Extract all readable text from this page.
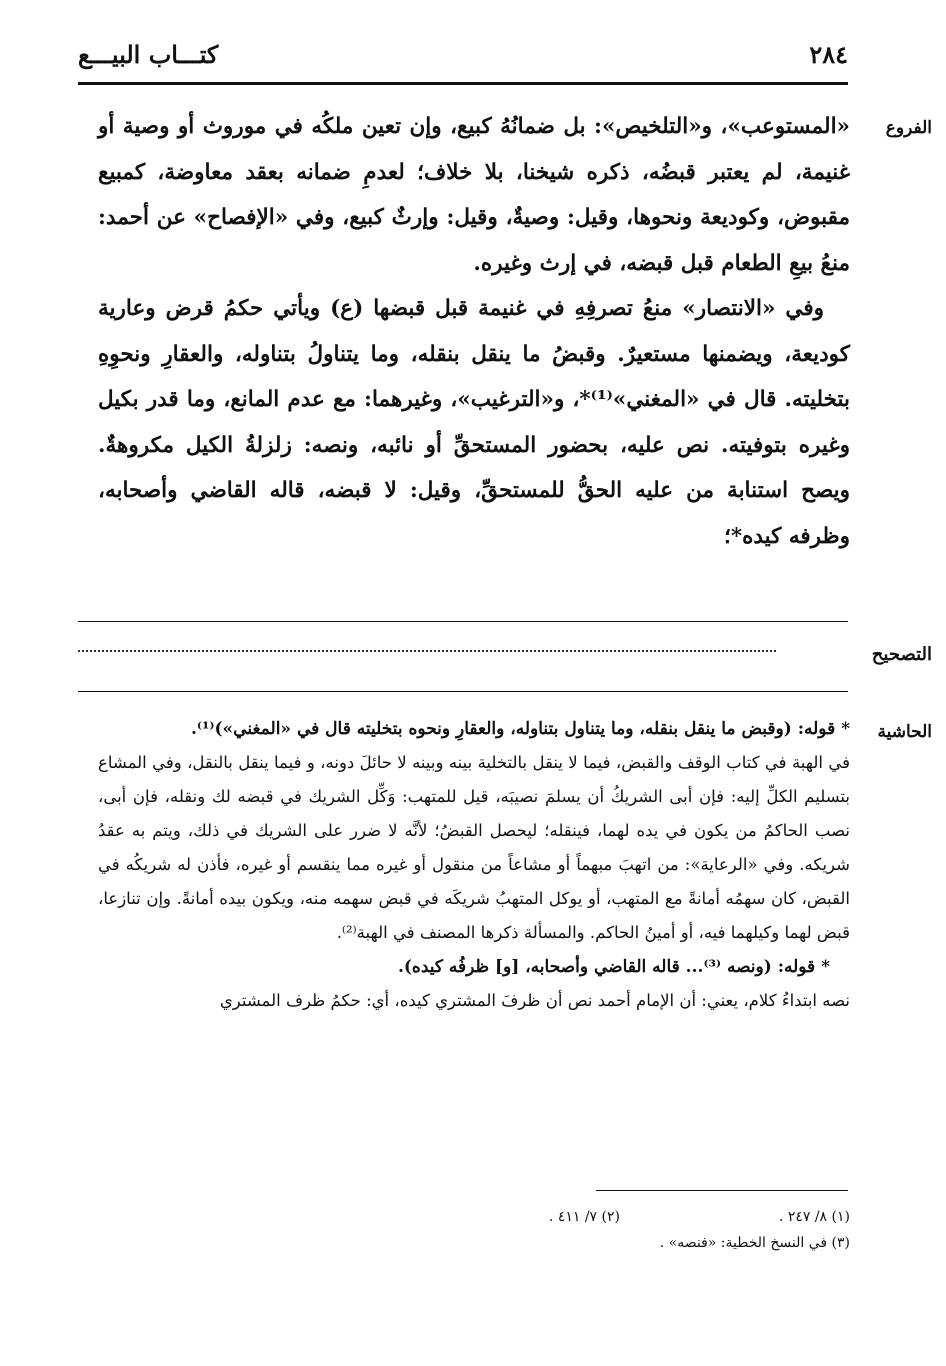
٢٨٤
كتـــاب البيـــع
الفروع

«المستوعب»، و«التلخيص»: بل ضمانُهُ كبيع، وإن تعين ملكُه في موروث أو وصية أو غنيمة، لم يعتبر قبضُه، ذكره شيخنا، بلا خلاف؛ لعدمِ ضمانه بعقد معاوضة، كمبيع مقبوض، وكوديعة ونحوها، وقيل: وصيةٌ، وقيل: وإرثٌ كبيع، وفي «الإفصاح» عن أحمد: منعُ بيعِ الطعام قبل قبضه، في إرث وغيره.

وفي «الانتصار» منعُ تصرفِهِ في غنيمة قبل قبضها (ع) ويأتي حكمُ قرض وعارية كوديعة، ويضمنها مستعيرٌ. وقبضُ ما ينقل بنقله، وما يتناولُ بتناوله، والعقارِ ونحوِهِ بتخليته. قال في «المغني»⁽¹⁾*، و«الترغيب»، وغيرهما: مع عدم المانع، وما قدر بكيل وغيره بتوفيته. نص عليه، بحضور المستحقِّ أو نائبه، ونصه: زلزلةُ الكيل مكروهةٌ. ويصح استنابة من عليه الحقُّ للمستحقِّ، وقيل: لا قبضه، قاله القاضي وأصحابه، وظرفه كيده*؛

التصحيح
الحاشية

* قوله: (وقبض ما ينقل بنقله، وما يتناول بتناوله، والعقارِ ونحوه بتخليته قال في «المغني»)⁽¹⁾.

في الهبة في كتاب الوقف والقبض، فيما لا ينقل بالتخلية بينه وبينه لا حائلَ دونه، و فيما ينقل بالنقل، وفي المشاع بتسليم الكلِّ إليه: فإن أبى الشريكُ أن يسلمَ نصيبَه، قيل للمتهب: وَكِّل الشريك في قبضه لك ونقله، فإن أبى، نصب الحاكمُ من يكون في يده لهما، فينقله؛ ليحصل القبضُ؛ لأنَّه لا ضرر على الشريك في ذلك، ويتم به عقدُ شريكه. وفي «الرعاية»: من اتهبَ مبهماً أو مشاعاً من منقول أو غيره مما ينقسم أو غيره، فأذن له شريكُه في القبض، كان سهمُه أمانةً مع المتهب، أو يوكل المتهبُ شريكَه في قبض سهمه منه، ويكون بيده أمانةً. وإن تنازعا، قبض لهما وكيلهما فيه، أو أمينُ الحاكم. والمسألة ذكرها المصنف في الهبة⁽²⁾.

* قوله: (ونصه ⁽³⁾... قاله القاضي وأصحابه، [و] ظرفُه كيده).

نصه ابتداءُ كلام، يعني: أن الإمام أحمد نص أن ظرفَ المشتري كيده، أي: حكمُ ظرف المشتري

(١) ٨/ ٢٤٧ .
(٢) ٧/ ٤١١ .
(٣) في النسخ الخطية: «فنصه» .
